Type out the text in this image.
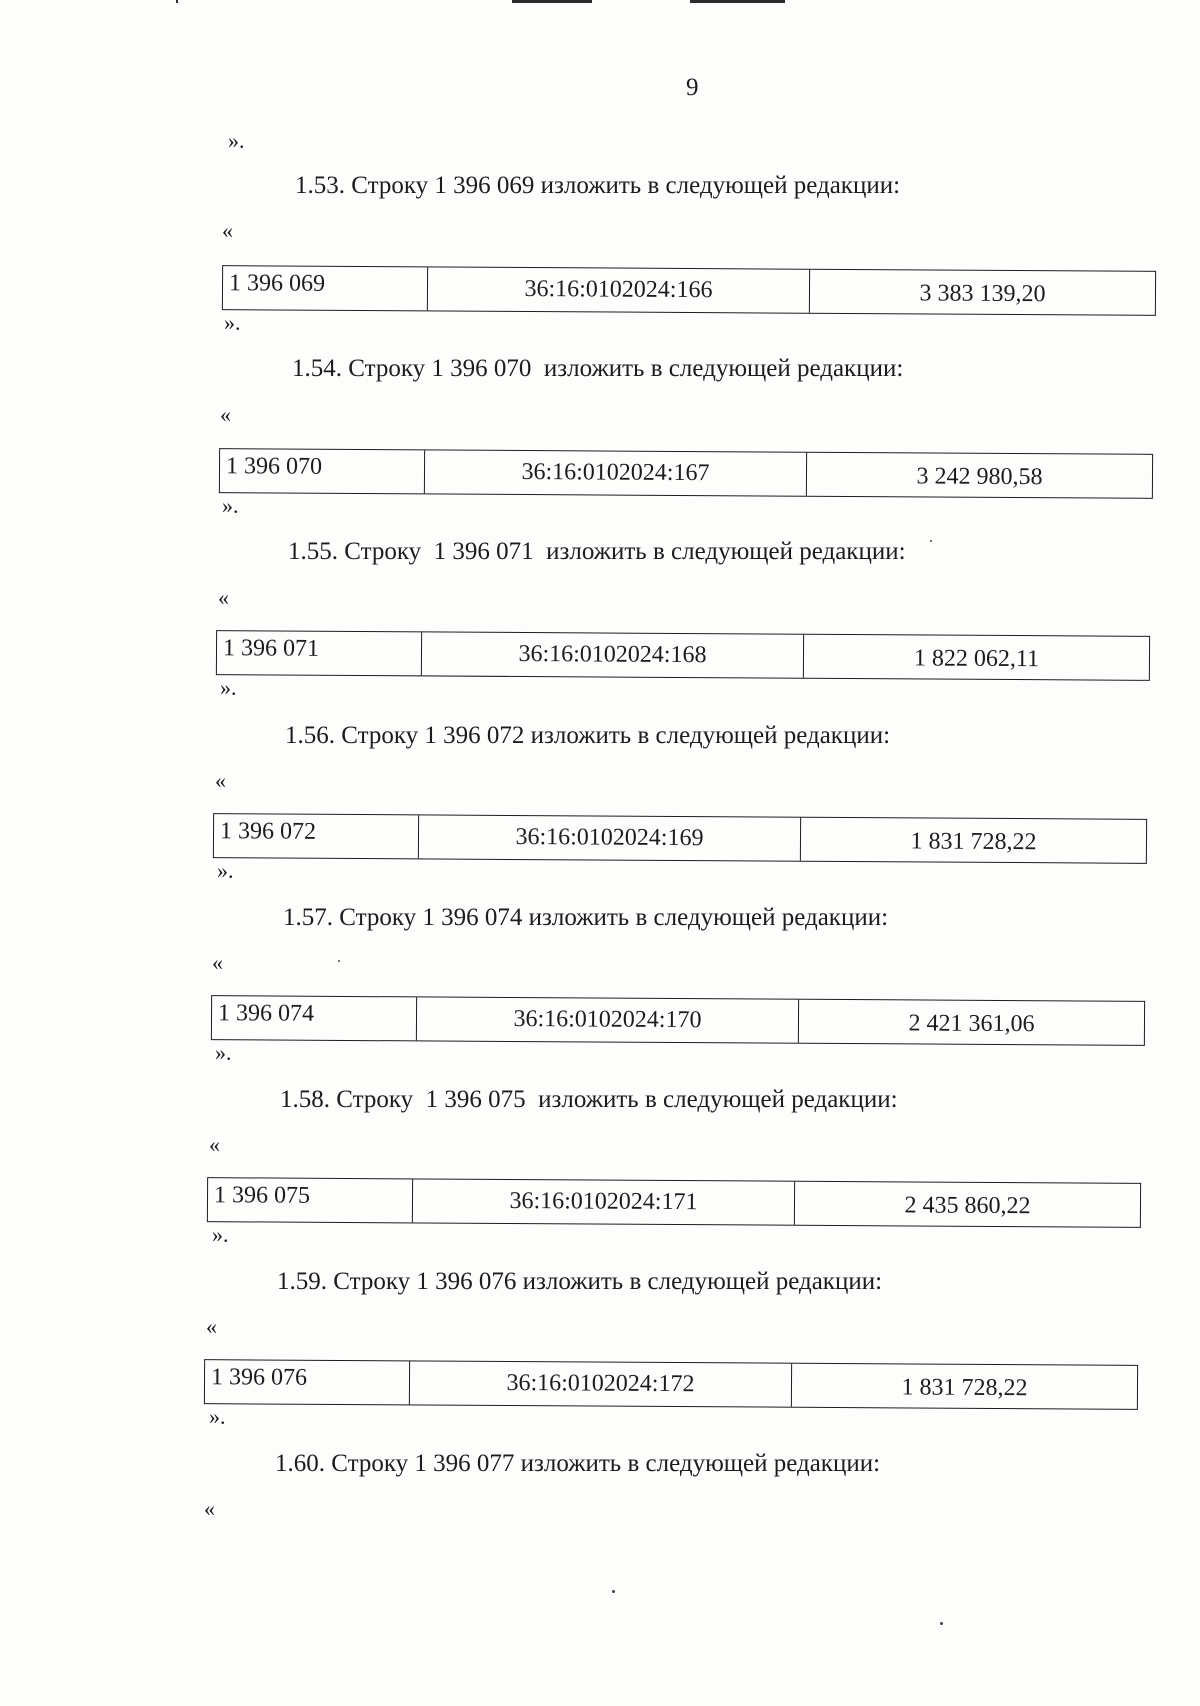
9
».
1.53. Строку 1 396 069 изложить в следующей редакции:
«
1 396 069	36:16:0102024:166	3 383 139,20
».
1.54. Строку 1 396 070  изложить в следующей редакции:
«
1 396 070	36:16:0102024:167	3 242 980,58
».
1.55. Строку  1 396 071  изложить в следующей редакции:
«
1 396 071	36:16:0102024:168	1 822 062,11
».
1.56. Строку 1 396 072 изложить в следующей редакции:
«
1 396 072	36:16:0102024:169	1 831 728,22
».
1.57. Строку 1 396 074 изложить в следующей редакции:
«
1 396 074	36:16:0102024:170	2 421 361,06
».
1.58. Строку  1 396 075  изложить в следующей редакции:
«
1 396 075	36:16:0102024:171	2 435 860,22
».
1.59. Строку 1 396 076 изложить в следующей редакции:
«
1 396 076	36:16:0102024:172	1 831 728,22
».
1.60. Строку 1 396 077 изложить в следующей редакции:
«
